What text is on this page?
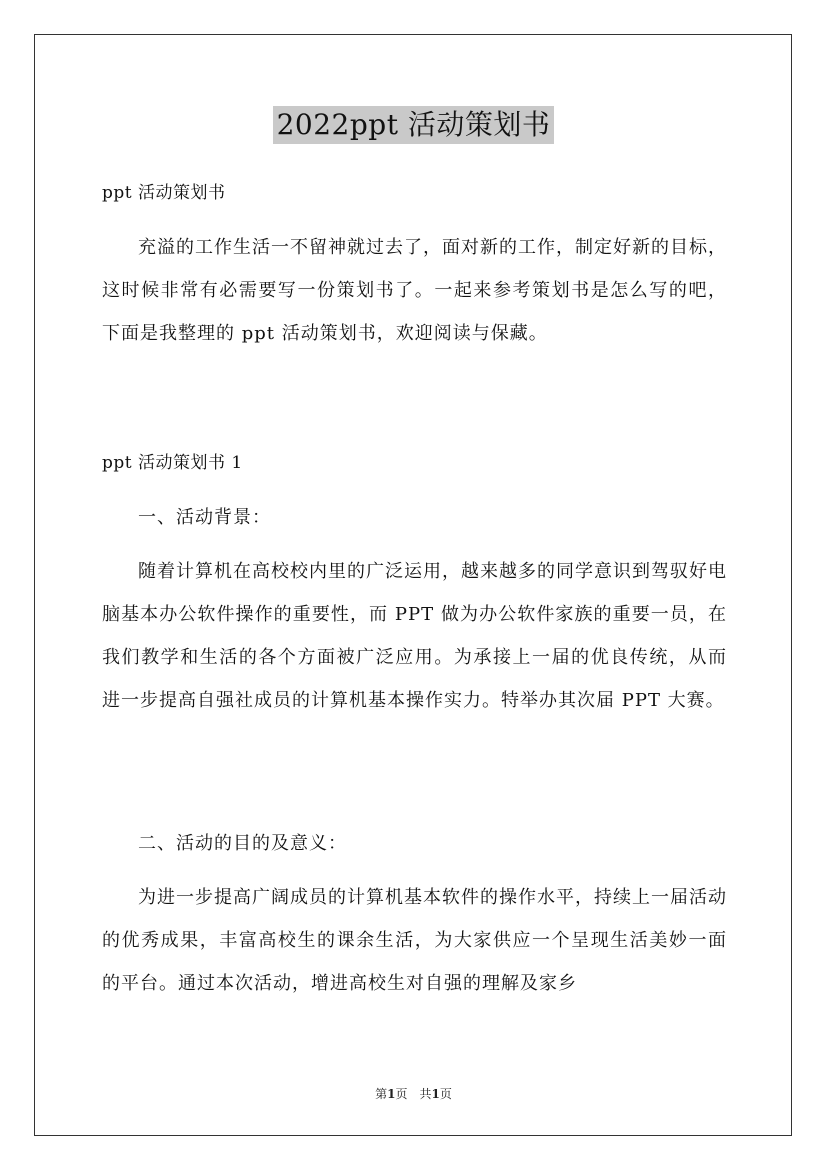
2022ppt 活动策划书

ppt 活动策划书

充溢的工作生活一不留神就过去了，面对新的工作，制定好新的目标，这时候非常有必需要写一份策划书了。一起来参考策划书是怎么写的吧，下面是我整理的 ppt 活动策划书，欢迎阅读与保藏。

ppt 活动策划书 1

一、活动背景：

随着计算机在高校校内里的广泛运用，越来越多的同学意识到驾驭好电脑基本办公软件操作的重要性，而 PPT 做为办公软件家族的重要一员，在我们教学和生活的各个方面被广泛应用。为承接上一届的优良传统，从而进一步提高自强社成员的计算机基本操作实力。特举办其次届 PPT 大赛。

二、活动的目的及意义：

为进一步提高广阔成员的计算机基本软件的操作水平，持续上一届活动的优秀成果，丰富高校生的课余生活，为大家供应一个呈现生活美妙一面的平台。通过本次活动，增进高校生对自强的理解及家乡

第1页　共1页
